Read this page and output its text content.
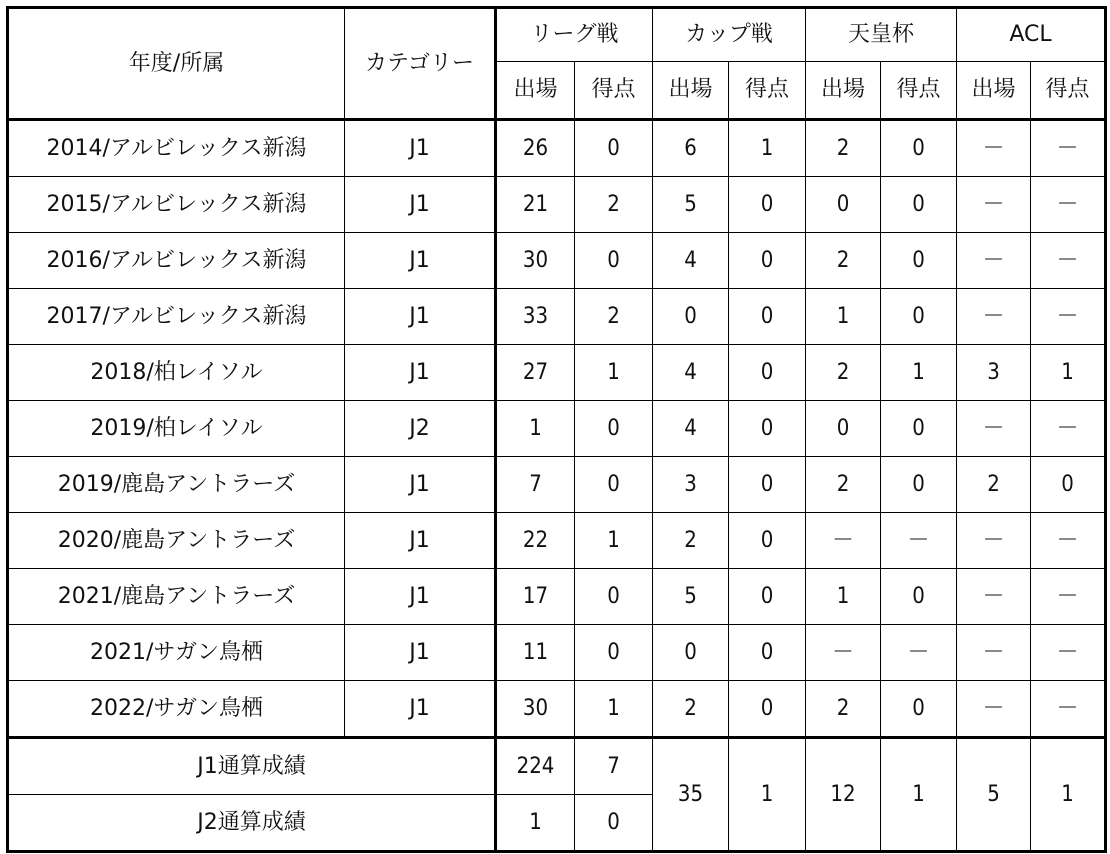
年度/所属	カテゴリー	リーグ戦		カップ戦		天皇杯		ACL	
		出場	得点	出場	得点	出場	得点	出場	得点
2014/アルビレックス新潟	J1	26	0	6	1	2	0	－	－
2015/アルビレックス新潟	J1	21	2	5	0	0	0	－	－
2016/アルビレックス新潟	J1	30	0	4	0	2	0	－	－
2017/アルビレックス新潟	J1	33	2	0	0	1	0	－	－
2018/柏レイソル	J1	27	1	4	0	2	1	3	1
2019/柏レイソル	J2	1	0	4	0	0	0	－	－
2019/鹿島アントラーズ	J1	7	0	3	0	2	0	2	0
2020/鹿島アントラーズ	J1	22	1	2	0	－	－	－	－
2021/鹿島アントラーズ	J1	17	0	5	0	1	0	－	－
2021/サガン鳥栖	J1	11	0	0	0	－	－	－	－
2022/サガン鳥栖	J1	30	1	2	0	2	0	－	－
J1通算成績		224	7	35	1	12	1	5	1
J2通算成績		1	0						
